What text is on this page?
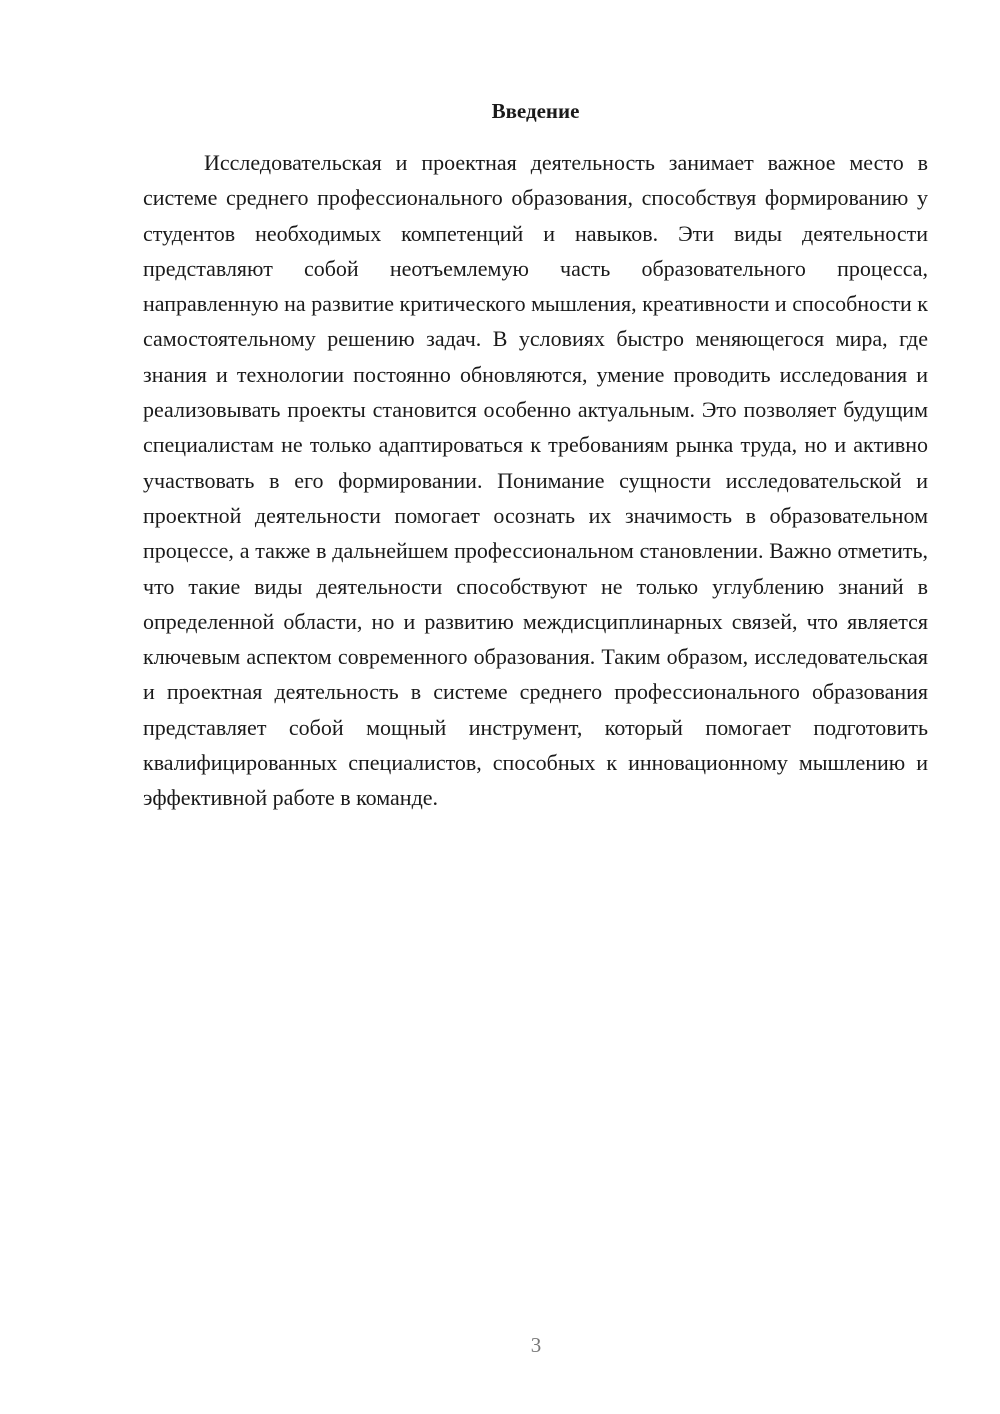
Введение

Исследовательская и проектная деятельность занимает важное место в системе среднего профессионального образования, способствуя формированию у студентов необходимых компетенций и навыков. Эти виды деятельности представляют собой неотъемлемую часть образовательного процесса, направленную на развитие критического мышления, креативности и способности к самостоятельному решению задач. В условиях быстро меняющегося мира, где знания и технологии постоянно обновляются, умение проводить исследования и реализовывать проекты становится особенно актуальным. Это позволяет будущим специалистам не только адаптироваться к требованиям рынка труда, но и активно участвовать в его формировании. Понимание сущности исследовательской и проектной деятельности помогает осознать их значимость в образовательном процессе, а также в дальнейшем профессиональном становлении. Важно отметить, что такие виды деятельности способствуют не только углублению знаний в определенной области, но и развитию междисциплинарных связей, что является ключевым аспектом современного образования. Таким образом, исследовательская и проектная деятельность в системе среднего профессионального образования представляет собой мощный инструмент, который помогает подготовить квалифицированных специалистов, способных к инновационному мышлению и эффективной работе в команде.

3
